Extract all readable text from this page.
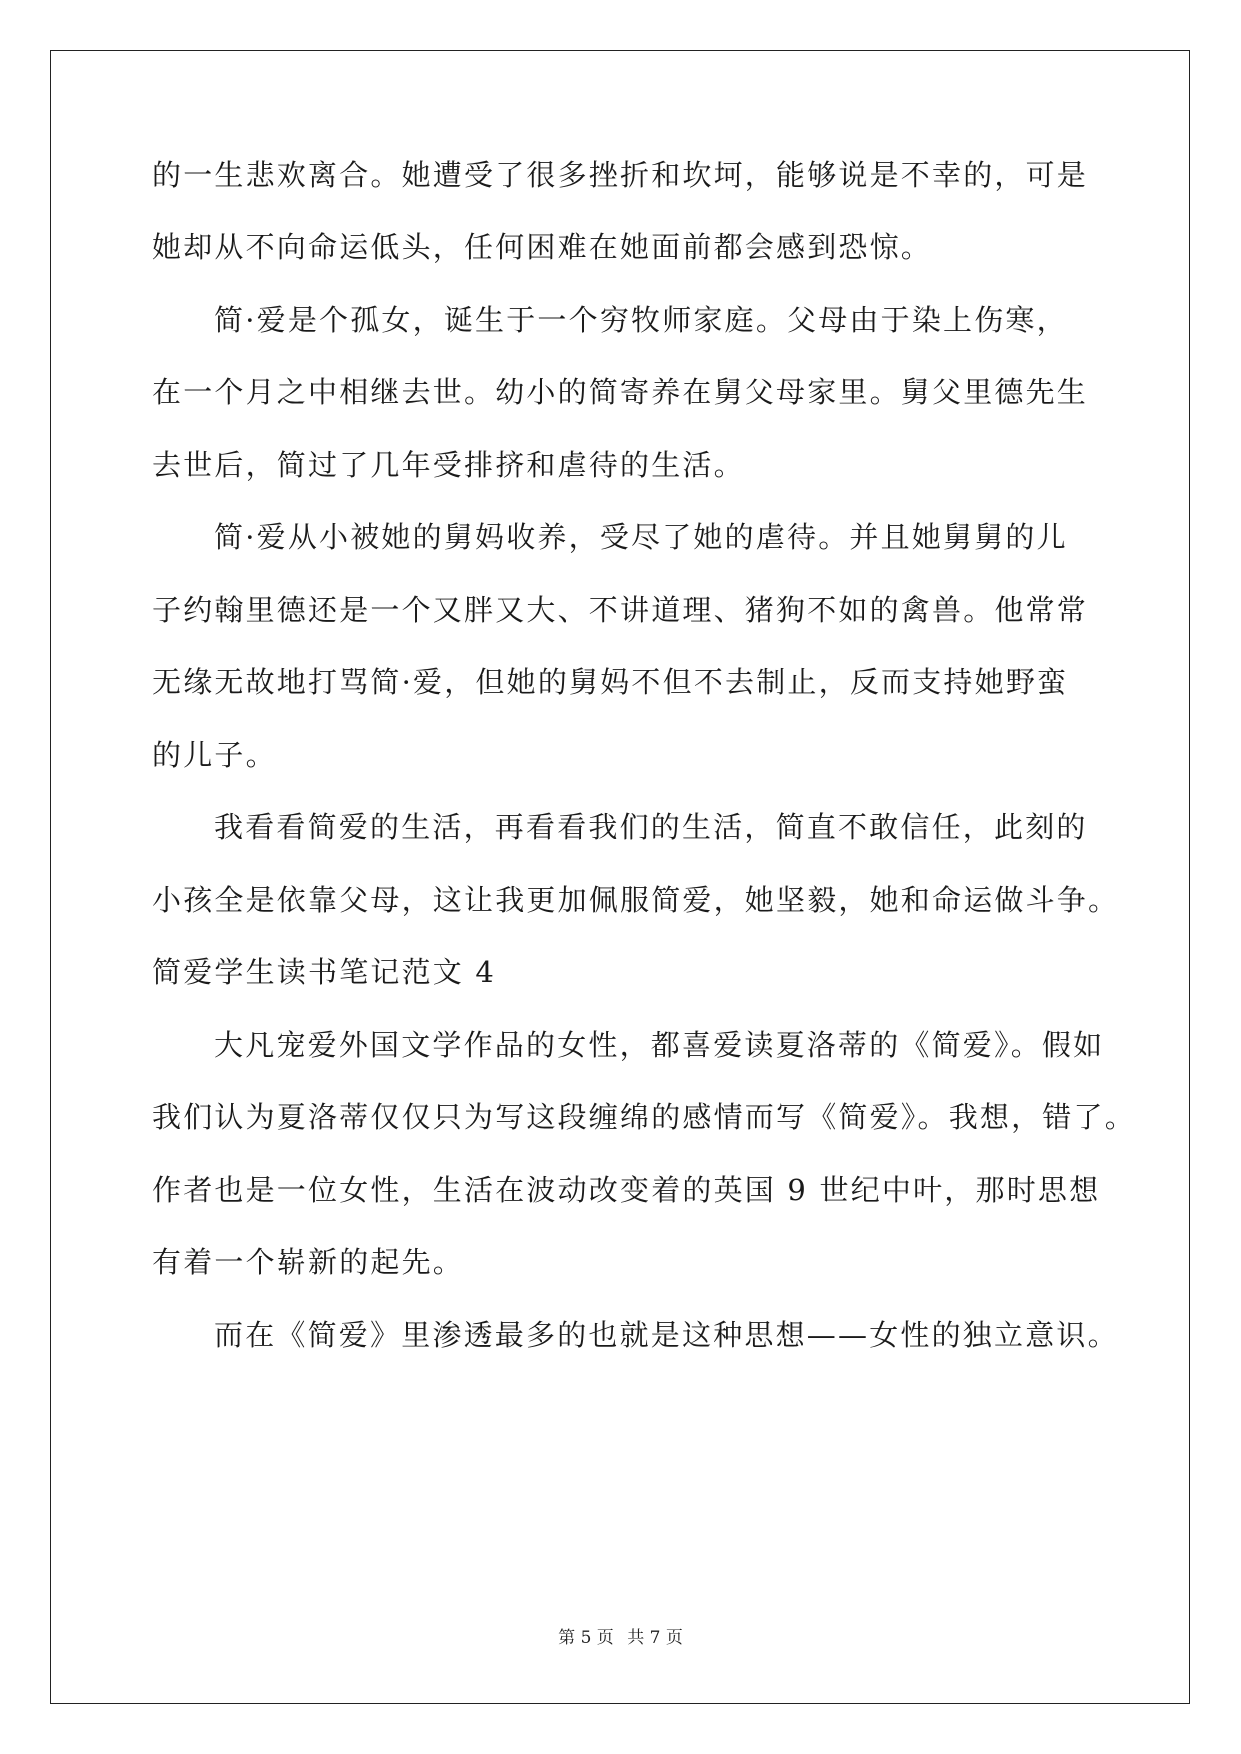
的一生悲欢离合。她遭受了很多挫折和坎坷，能够说是不幸的，可是
她却从不向命运低头，任何困难在她面前都会感到恐惊。
简·爱是个孤女，诞生于一个穷牧师家庭。父母由于染上伤寒，
在一个月之中相继去世。幼小的简寄养在舅父母家里。舅父里德先生
去世后，简过了几年受排挤和虐待的生活。
简·爱从小被她的舅妈收养，受尽了她的虐待。并且她舅舅的儿
子约翰里德还是一个又胖又大、不讲道理、猪狗不如的禽兽。他常常
无缘无故地打骂简·爱，但她的舅妈不但不去制止，反而支持她野蛮
的儿子。
我看看简爱的生活，再看看我们的生活，简直不敢信任，此刻的
小孩全是依靠父母，这让我更加佩服简爱，她坚毅，她和命运做斗争。
简爱学生读书笔记范文 4
大凡宠爱外国文学作品的女性，都喜爱读夏洛蒂的《简爱》。假如
我们认为夏洛蒂仅仅只为写这段缠绵的感情而写《简爱》。我想，错了。
作者也是一位女性，生活在波动改变着的英国 9 世纪中叶，那时思想
有着一个崭新的起先。
而在《简爱》里渗透最多的也就是这种思想——女性的独立意识。
第 5 页 共 7 页
